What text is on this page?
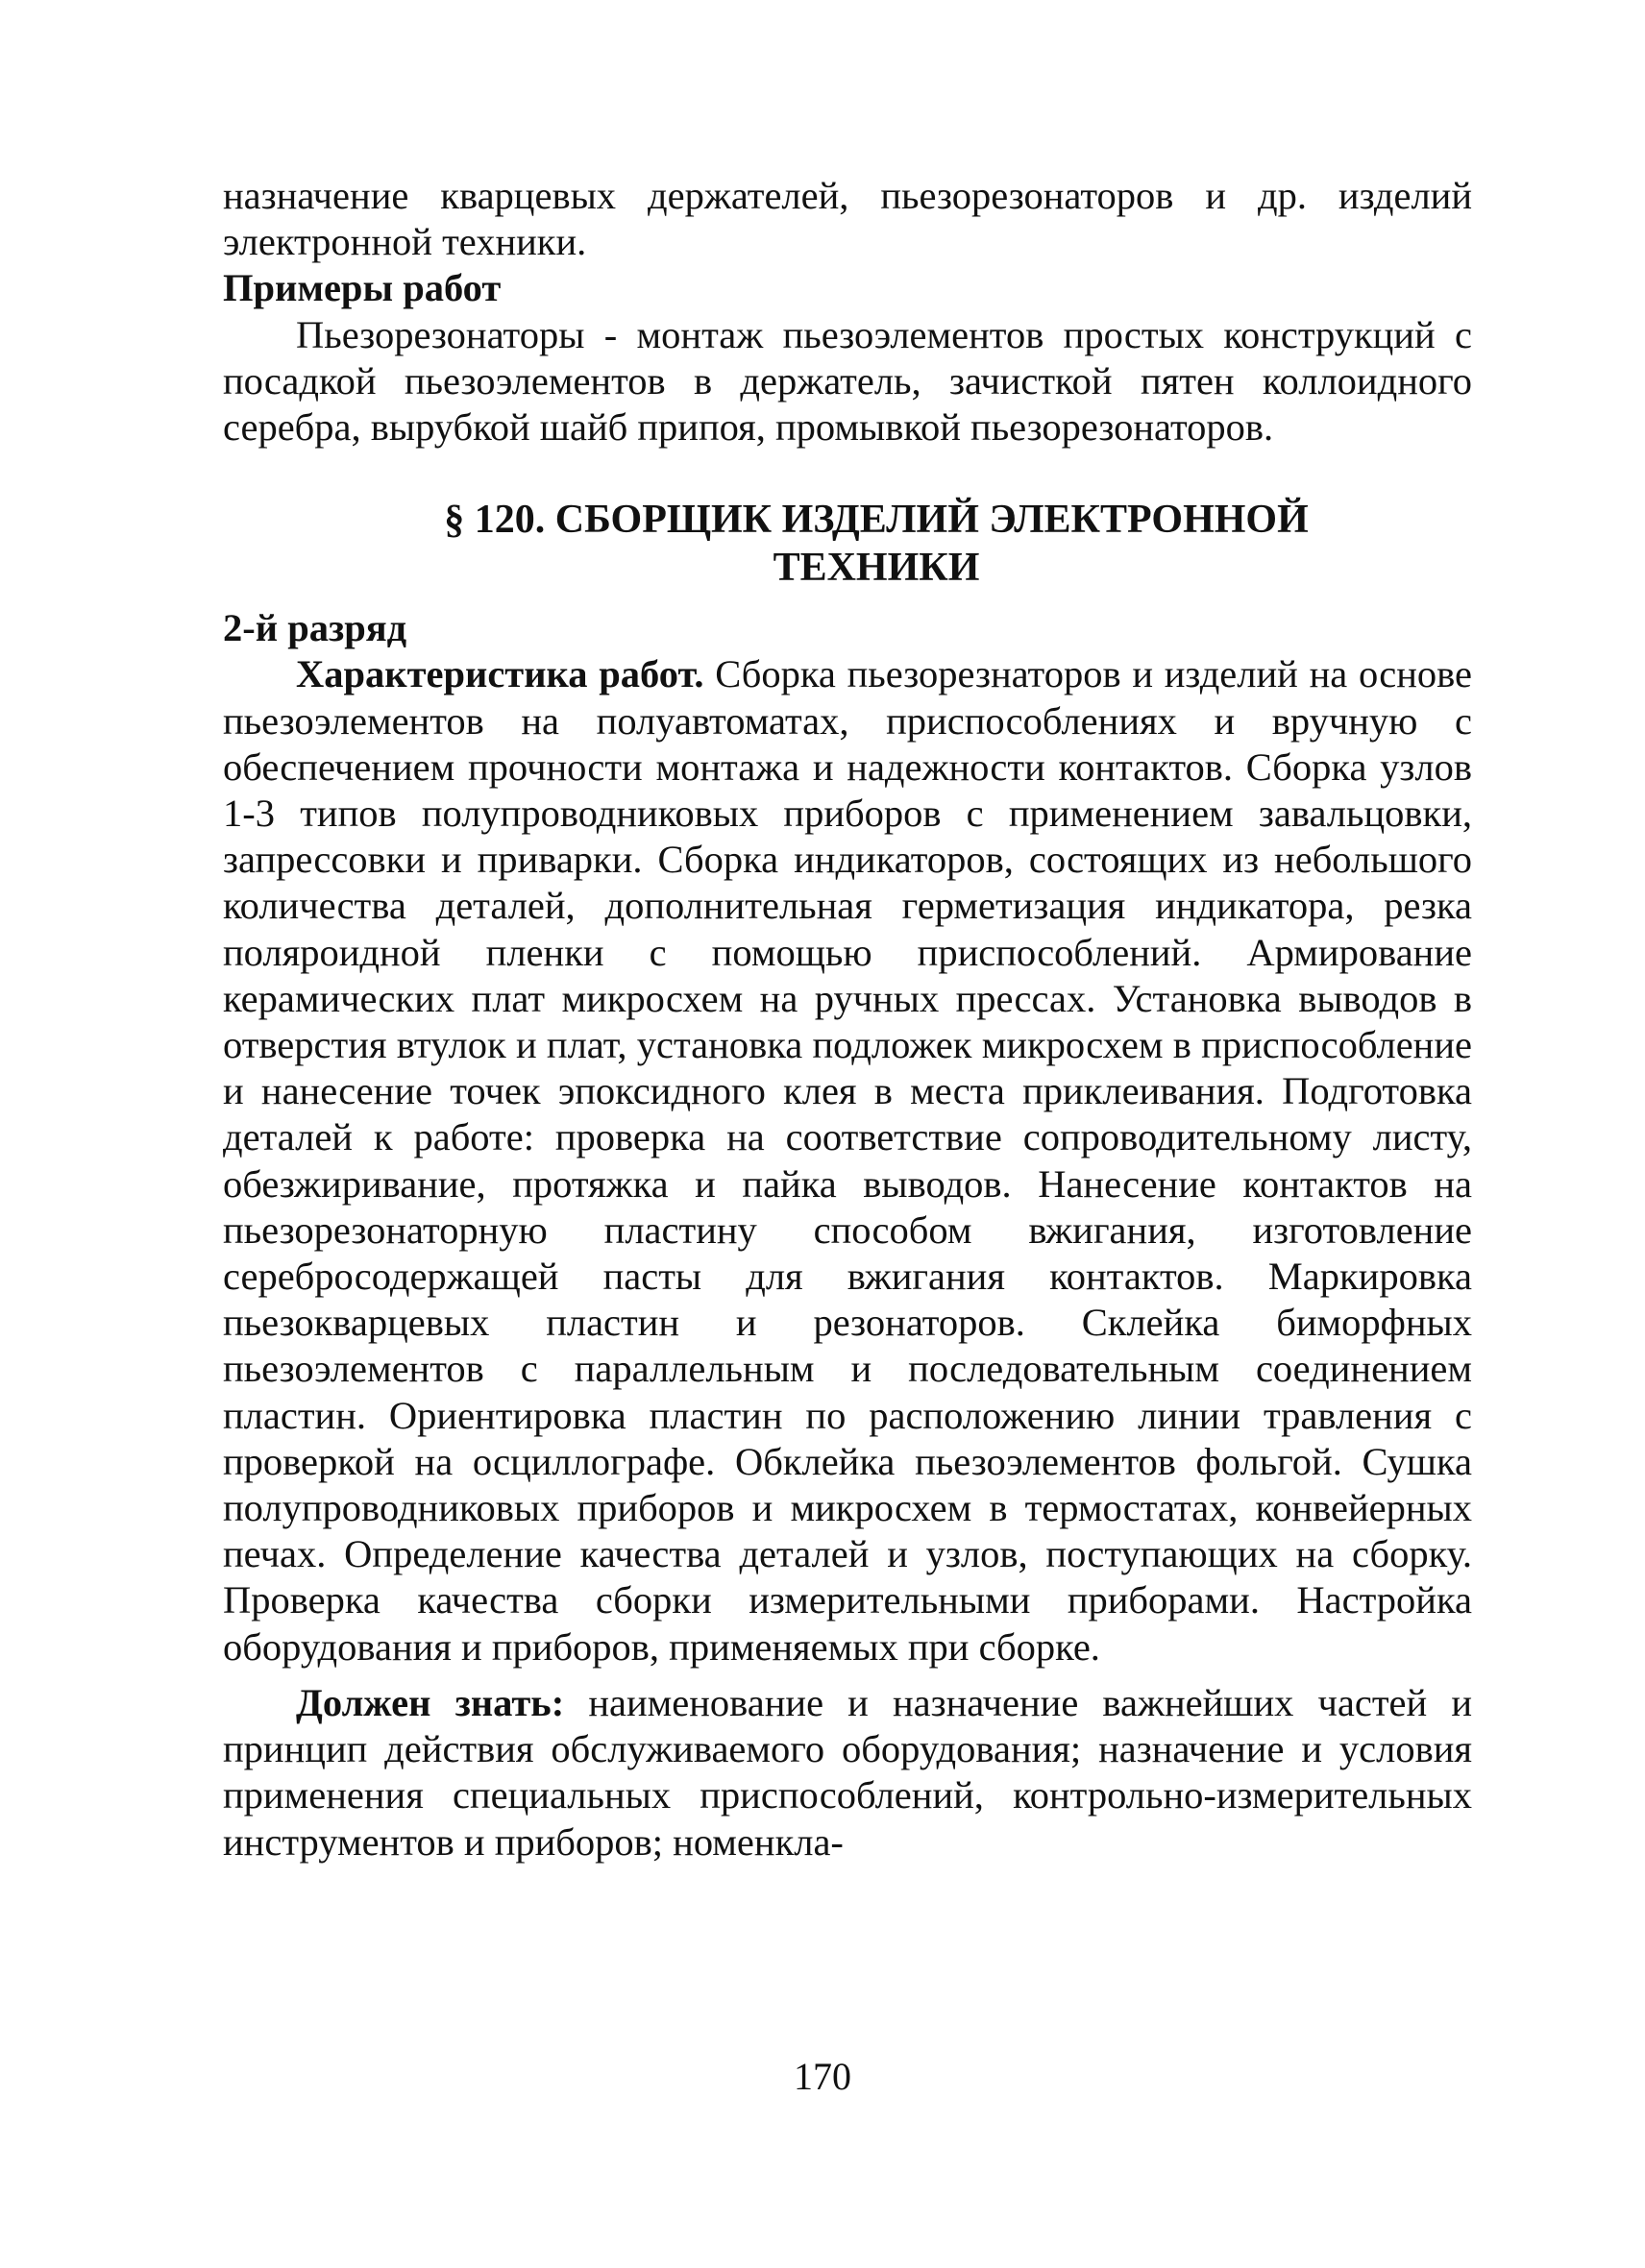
назначение кварцевых держателей, пьезорезонаторов и др. изделий электронной техники.

Примеры работ

Пьезорезонаторы - монтаж пьезоэлементов простых конструкций с посадкой пьезоэлементов в держатель, зачисткой пятен коллоидного серебра, вырубкой шайб припоя, промывкой пьезорезонаторов.

§ 120. СБОРЩИК ИЗДЕЛИЙ ЭЛЕКТРОННОЙ
ТЕХНИКИ

2-й разряд

Характеристика работ. Сборка пьезорезнаторов и изделий на основе пьезоэлементов на полуавтоматах, приспособлениях и вручную с обеспечением прочности монтажа и надежности контактов. Сборка узлов 1-3 типов полупроводниковых приборов с применением завальцовки, запрессовки и приварки. Сборка индикаторов, состоящих из небольшого количества деталей, дополнительная герметизация индикатора, резка поляроидной пленки с помощью приспособлений. Армирование керамических плат микросхем на ручных прессах. Установка выводов в отверстия втулок и плат, установка подложек микросхем в приспособление и нанесение точек эпоксидного клея в места приклеивания. Подготовка деталей к работе: проверка на соответствие сопроводительному листу, обезжиривание, протяжка и пайка выводов. Нанесение контактов на пьезорезонаторную пластину способом вжигания, изготовление серебросодержащей пасты для вжигания контактов. Маркировка пьезокварцевых пластин и резонаторов. Склейка биморфных пьезоэлементов с параллельным и последовательным соединением пластин. Ориентировка пластин по расположению линии травления с проверкой на осциллографе. Обклейка пьезоэлементов фольгой. Сушка полупроводниковых приборов и микросхем в термостатах, конвейерных печах. Определение качества деталей и узлов, поступающих на сборку. Проверка качества сборки измерительными приборами. Настройка оборудования и приборов, применяемых при сборке.

Должен знать: наименование и назначение важнейших частей и принцип действия обслуживаемого оборудования; назначение и условия применения специальных приспособлений, контрольно-измерительных инструментов и приборов; номенкла-

170
